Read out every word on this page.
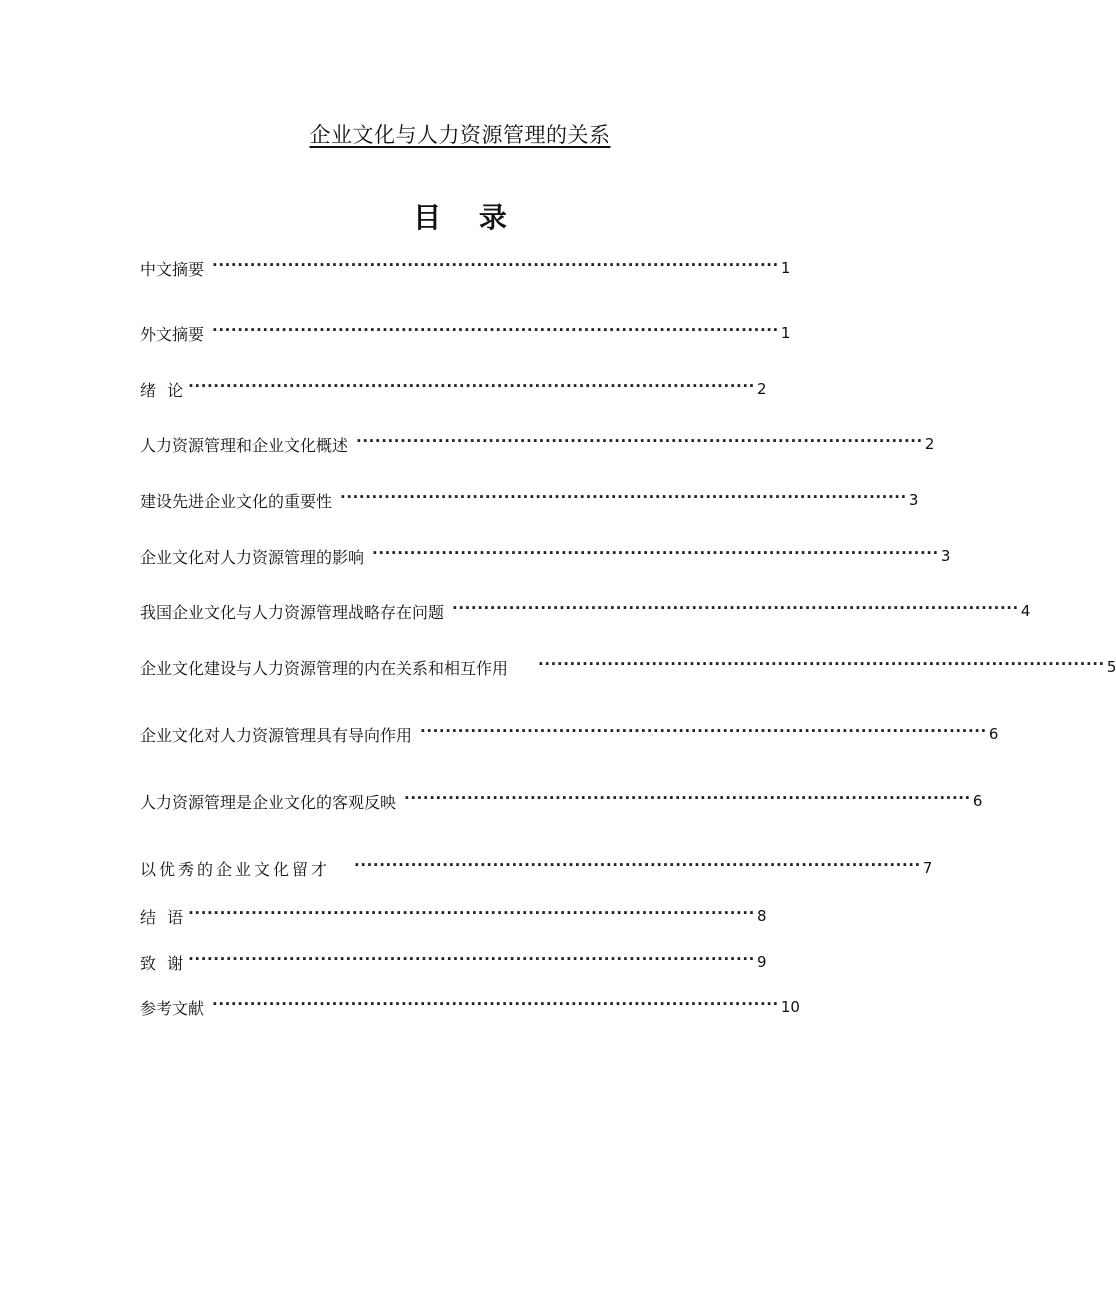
企业文化与人力资源管理的关系
目 录
中文摘要 ·························································································· 1
外文摘要 ·························································································· 1
绪 论 ·························································································· 2
人力资源管理和企业文化概述 ·························································································· 2
建设先进企业文化的重要性 ·························································································· 3
企业文化对人力资源管理的影响 ·························································································· 3
我国企业文化与人力资源管理战略存在问题 ·························································································· 4
企业文化建设与人力资源管理的内在关系和相互作用 ·························································································· 5
企业文化对人力资源管理具有导向作用 ·························································································· 6
人力资源管理是企业文化的客观反映 ·························································································· 6
以优秀的企业文化留才 ·························································································· 7
结 语 ·························································································· 8
致 谢 ·························································································· 9
参考文献 ·························································································· 10
